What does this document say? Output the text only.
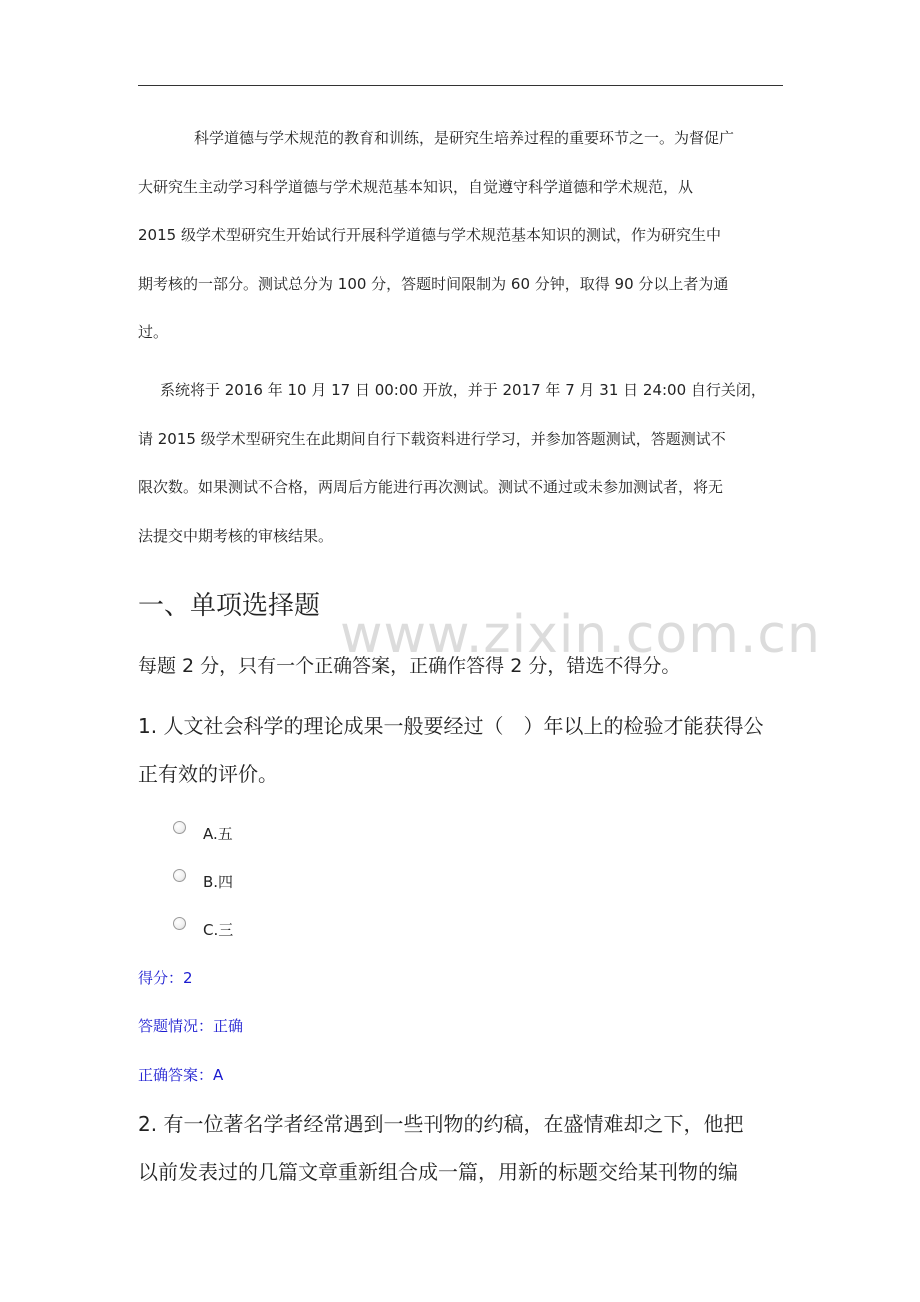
www.zixin.com.cn

科学道德与学术规范的教育和训练，是研究生培养过程的重要环节之一。为督促广

大研究生主动学习科学道德与学术规范基本知识，自觉遵守科学道德和学术规范，从

2015 级学术型研究生开始试行开展科学道德与学术规范基本知识的测试，作为研究生中

期考核的一部分。测试总分为 100 分，答题时间限制为 60 分钟，取得 90 分以上者为通

过。

系统将于 2016 年 10 月 17 日 00:00 开放，并于 2017 年 7 月 31 日 24:00 自行关闭，

请 2015 级学术型研究生在此期间自行下载资料进行学习，并参加答题测试，答题测试不

限次数。如果测试不合格，两周后方能进行再次测试。测试不通过或未参加测试者，将无

法提交中期考核的审核结果。

一、单项选择题
每题 2 分，只有一个正确答案，正确作答得 2 分，错选不得分。
1. 人文社会科学的理论成果一般要经过（　）年以上的检验才能获得公
正有效的评价。
A.五
B.四
C.三
得分：2
答题情况：正确
正确答案：A
2. 有一位著名学者经常遇到一些刊物的约稿，在盛情难却之下，他把
以前发表过的几篇文章重新组合成一篇，用新的标题交给某刊物的编
